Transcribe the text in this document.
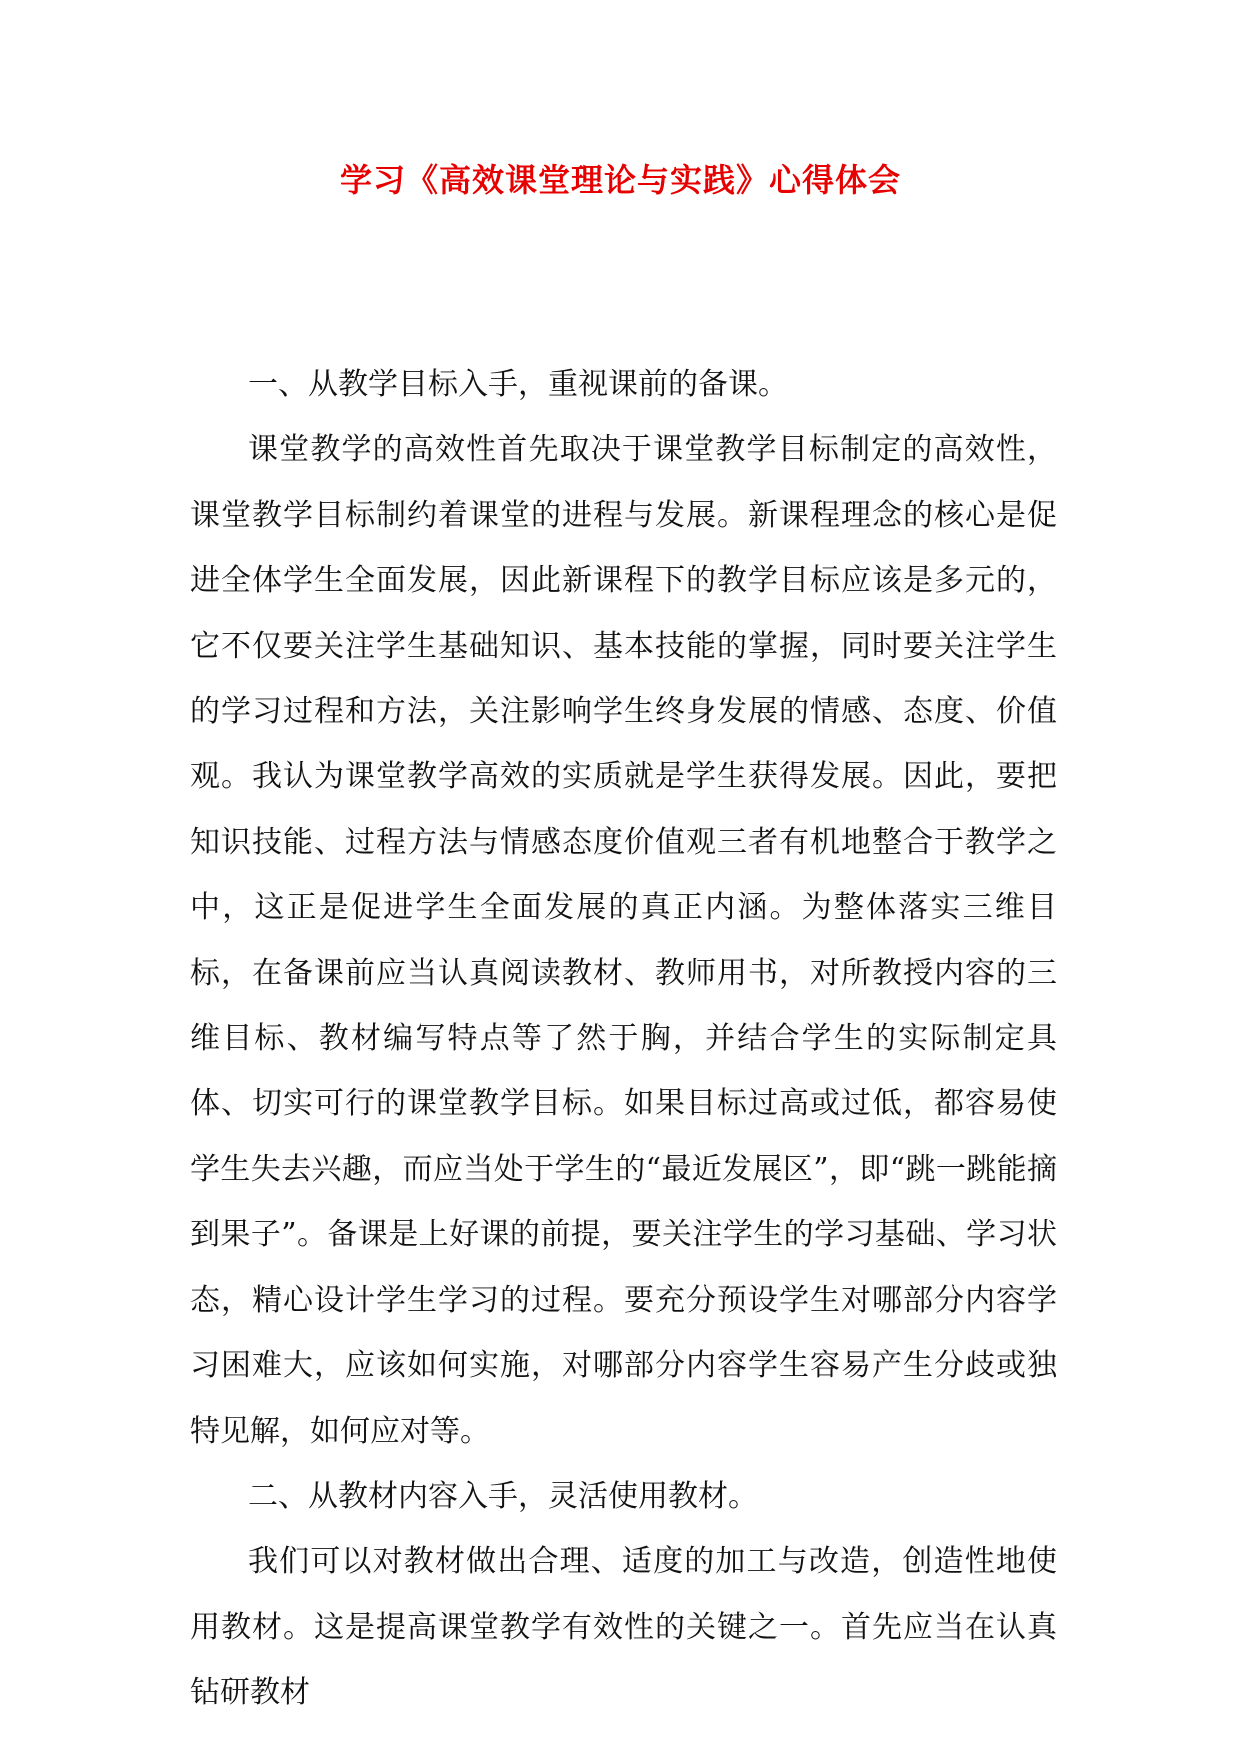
学习《高效课堂理论与实践》心得体会

一、从教学目标入手，重视课前的备课。

课堂教学的高效性首先取决于课堂教学目标制定的高效性，课堂教学目标制约着课堂的进程与发展。新课程理念的核心是促进全体学生全面发展，因此新课程下的教学目标应该是多元的，它不仅要关注学生基础知识、基本技能的掌握，同时要关注学生的学习过程和方法，关注影响学生终身发展的情感、态度、价值观。我认为课堂教学高效的实质就是学生获得发展。因此，要把知识技能、过程方法与情感态度价值观三者有机地整合于教学之中，这正是促进学生全面发展的真正内涵。为整体落实三维目标，在备课前应当认真阅读教材、教师用书，对所教授内容的三维目标、教材编写特点等了然于胸，并结合学生的实际制定具体、切实可行的课堂教学目标。如果目标过高或过低，都容易使学生失去兴趣，而应当处于学生的“最近发展区”，即“跳一跳能摘到果子”。备课是上好课的前提，要关注学生的学习基础、学习状态，精心设计学生学习的过程。要充分预设学生对哪部分内容学习困难大，应该如何实施，对哪部分内容学生容易产生分歧或独特见解，如何应对等。

二、从教材内容入手，灵活使用教材。

我们可以对教材做出合理、适度的加工与改造，创造性地使用教材。这是提高课堂教学有效性的关键之一。首先应当在认真钻研教材
